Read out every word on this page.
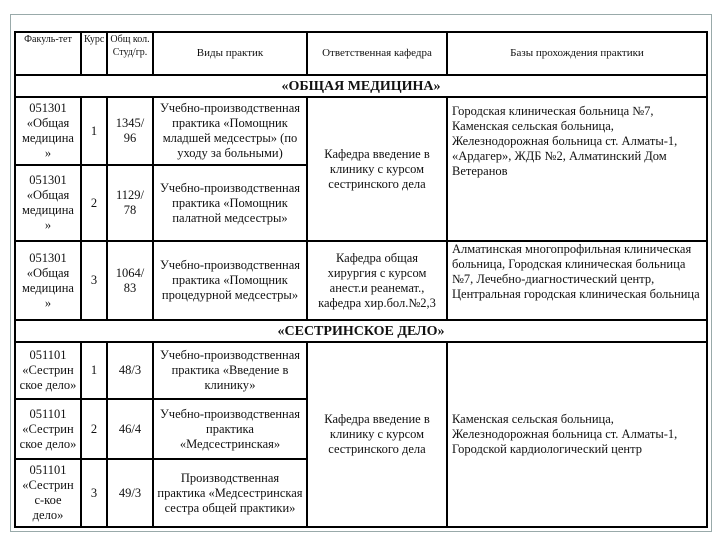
Факуль-тет	Курс	Общ кол. Студ/гр.	Виды практик	Ответственная кафедра	Базы прохождения практики
«ОБЩАЯ МЕДИЦИНА»					
051301 «Общая медицина »	1	1345/ 96	Учебно-производственная практика «Помощник младшей медсестры» (по уходу за больными)	Кафедра введение в клинику с курсом сестринского дела	Городская клиническая больница №7, Каменская сельская больница, Железнодорожная больница ст. Алматы-1, «Ардагер», ЖДБ №2, Алматинский Дом Ветеранов
051301 «Общая медицина »	2	1129/ 78	Учебно-производственная практика «Помощник палатной медсестры»		
051301 «Общая медицина »	3	1064/ 83	Учебно-производственная практика «Помощник процедурной медсестры»	Кафедра общая хирургия с курсом анест.и реанемат., кафедра хир.бол.№2,3	Алматинская многопрофильная клиническая больница, Городская клиническая больница №7, Лечебно-диагностический центр, Центральная городская клиническая больница
«СЕСТРИНСКОЕ ДЕЛО»					
051101 «Сестрин ское дело»	1	48/3	Учебно-производственная практика «Введение в клинику»	Кафедра введение в клинику с курсом сестринского дела	Каменская сельская больница, Железнодорожная больница ст. Алматы-1, Городской кардиологический центр
051101 «Сестрин ское дело»	2	46/4	Учебно-производственная практика «Медсестринская»		
051101 «Сестрин с-кое дело»	3	49/3	Производственная практика «Медсестринская сестра общей практики»		
